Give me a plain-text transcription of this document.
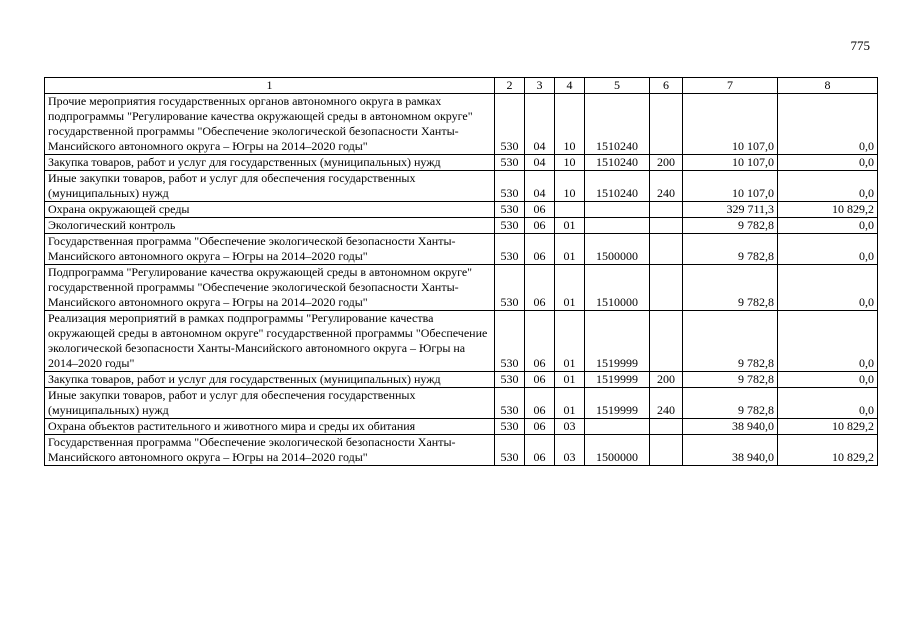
775
1	2	3	4	5	6	7	8
Прочие мероприятия государственных органов автономного округа в рамках подпрограммы "Регулирование качества окружающей среды в автономном округе" государственной программы "Обеспечение экологической безопасности Ханты-Мансийского автономного округа – Югры на 2014–2020 годы"	530	04	10	1510240		10 107,0	0,0
Закупка товаров, работ и услуг для государственных (муниципальных) нужд	530	04	10	1510240	200	10 107,0	0,0
Иные закупки товаров, работ и услуг для обеспечения государственных (муниципальных) нужд	530	04	10	1510240	240	10 107,0	0,0
Охрана окружающей среды	530	06				329 711,3	10 829,2
Экологический контроль	530	06	01			9 782,8	0,0
Государственная программа "Обеспечение экологической безопасности Ханты-Мансийского автономного округа – Югры на 2014–2020 годы"	530	06	01	1500000		9 782,8	0,0
Подпрограмма "Регулирование качества окружающей среды в автономном округе" государственной программы "Обеспечение экологической безопасности Ханты-Мансийского автономного округа – Югры на 2014–2020 годы"	530	06	01	1510000		9 782,8	0,0
Реализация мероприятий в рамках подпрограммы "Регулирование качества окружающей среды в автономном округе" государственной программы "Обеспечение экологической безопасности Ханты-Мансийского автономного округа – Югры на 2014–2020 годы"	530	06	01	1519999		9 782,8	0,0
Закупка товаров, работ и услуг для государственных (муниципальных) нужд	530	06	01	1519999	200	9 782,8	0,0
Иные закупки товаров, работ и услуг для обеспечения государственных (муниципальных) нужд	530	06	01	1519999	240	9 782,8	0,0
Охрана объектов растительного и животного мира и среды их обитания	530	06	03			38 940,0	10 829,2
Государственная программа "Обеспечение экологической безопасности Ханты-Мансийского автономного округа – Югры на 2014–2020 годы"	530	06	03	1500000		38 940,0	10 829,2
